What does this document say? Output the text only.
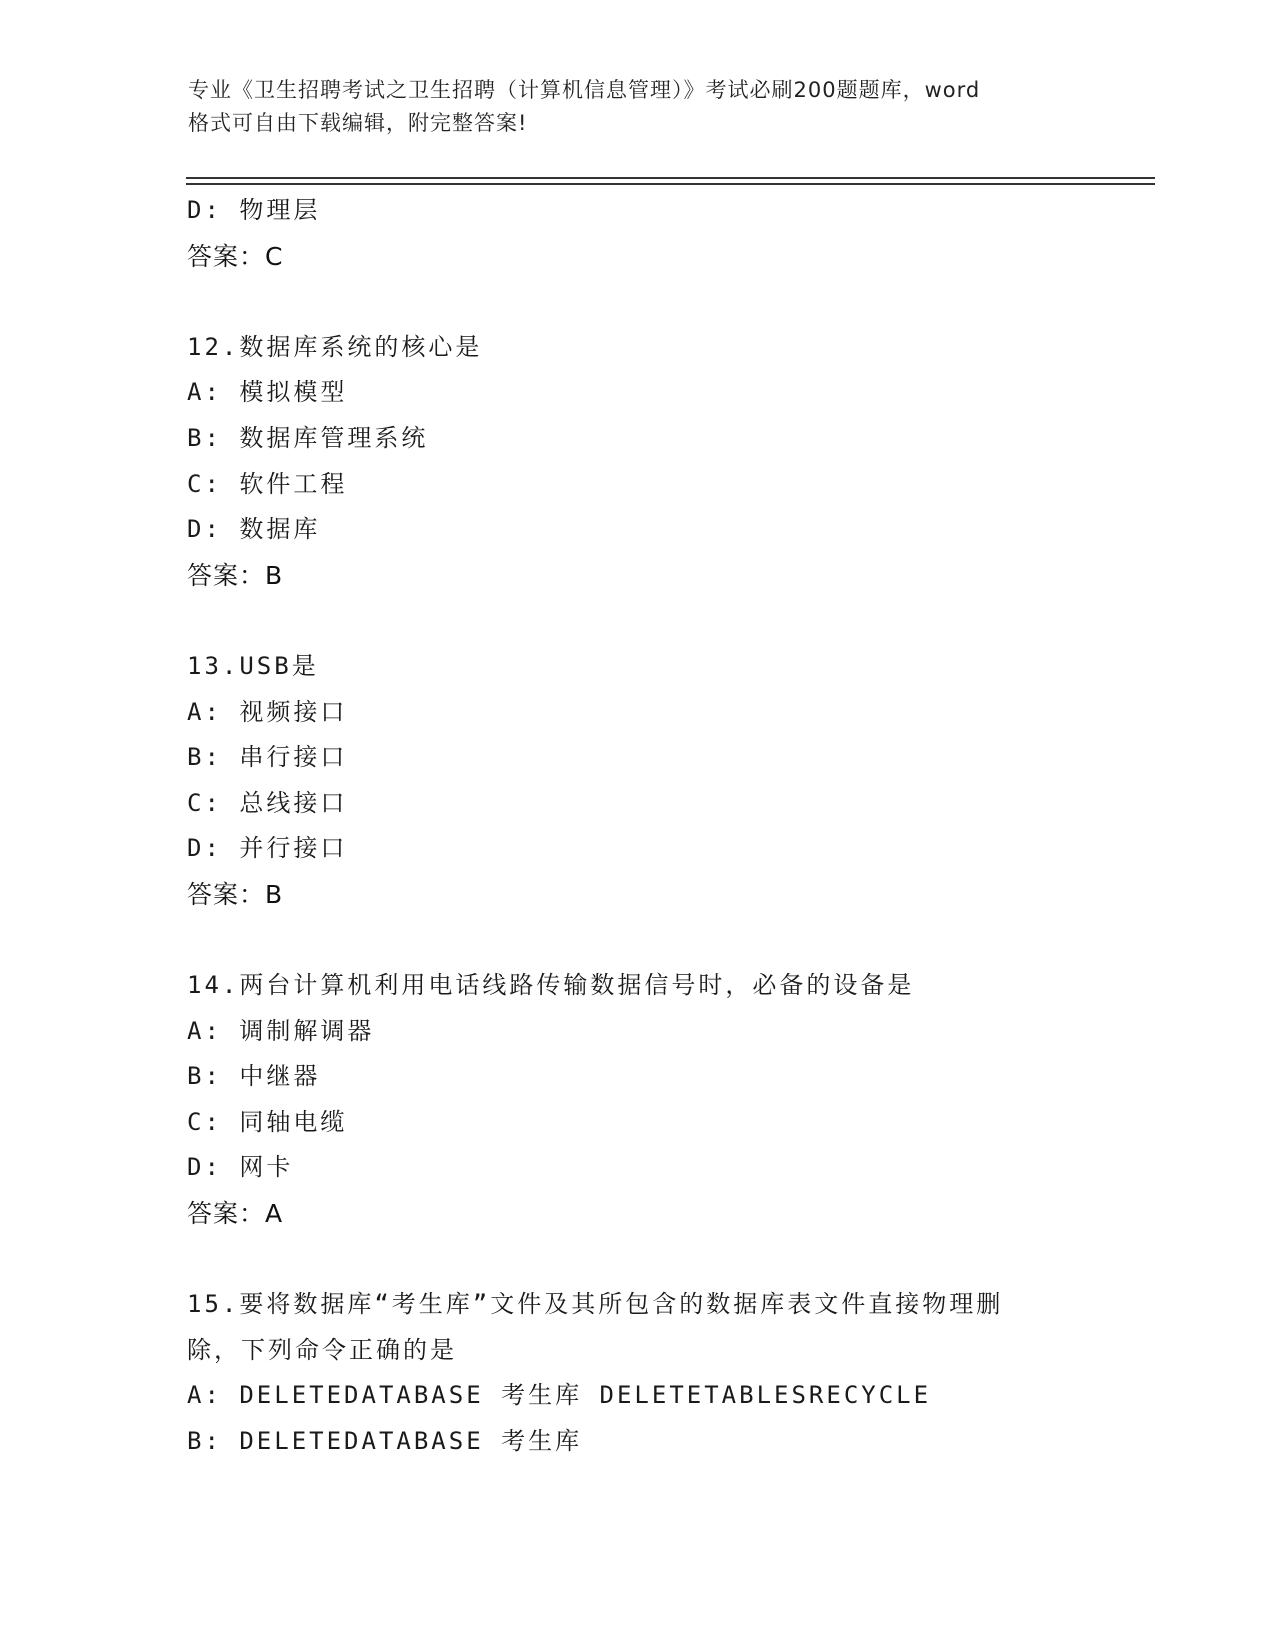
专业《卫生招聘考试之卫生招聘（计算机信息管理）》考试必刷200题题库，word
格式可自由下载编辑，附完整答案!
D: 物理层
答案：C
12.数据库系统的核心是
A: 模拟模型
B: 数据库管理系统
C: 软件工程
D: 数据库
答案：B
13.USB是
A: 视频接口
B: 串行接口
C: 总线接口
D: 并行接口
答案：B
14.两台计算机利用电话线路传输数据信号时，必备的设备是
A: 调制解调器
B: 中继器
C: 同轴电缆
D: 网卡
答案：A
15.要将数据库“考生库”文件及其所包含的数据库表文件直接物理删
除，下列命令正确的是
A: DELETEDATABASE 考生库 DELETETABLESRECYCLE
B: DELETEDATABASE 考生库
